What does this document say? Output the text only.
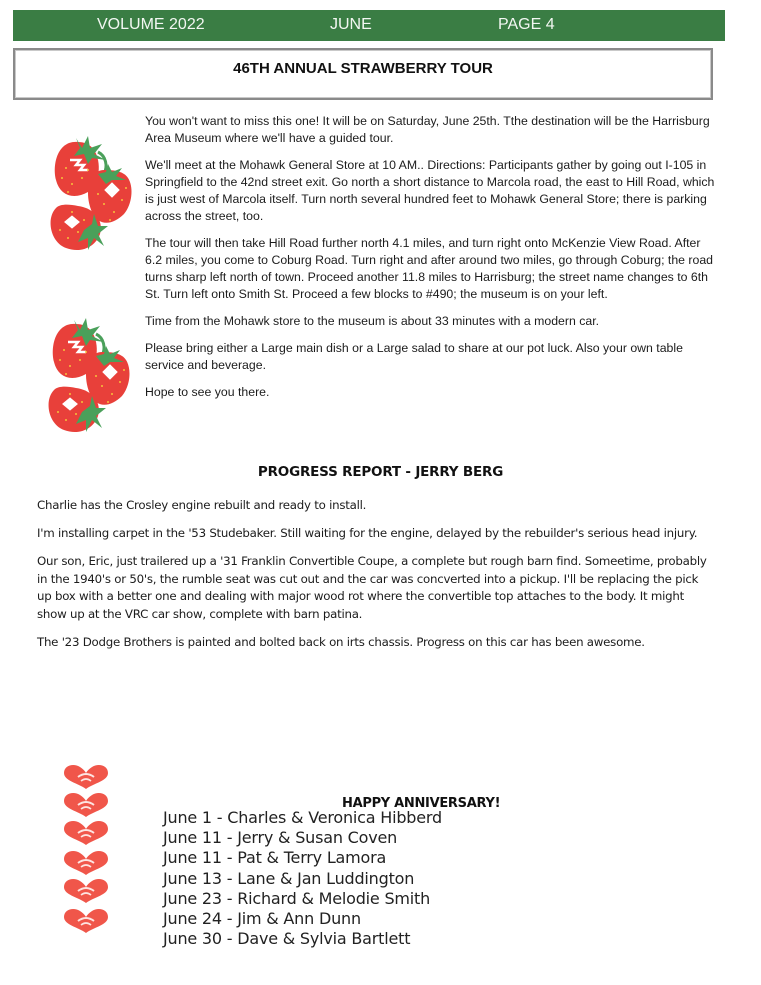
VOLUME 2022	JUNE	PAGE 4
46TH ANNUAL STRAWBERRY TOUR

You won't want to miss this one! It will be on Saturday, June 25th. Tthe destination will be the Harrisburg Area Museum where we'll have a guided tour.

We'll meet at the Mohawk General Store at 10 AM.. Directions: Participants gather by going out I-105 in Springfield to the 42nd street exit. Go north a short distance to Marcola road, the east to Hill Road, which is just west of Marcola itself. Turn north several hundred feet to Mohawk General Store; there is parking across the street, too.

The tour will then take Hill Road further north 4.1 miles, and turn right onto McKenzie View Road. After 6.2 miles, you come to Coburg Road. Turn right and after around two miles, go through Coburg; the road turns sharp left north of town. Proceed another 11.8 miles to Harrisburg; the street name changes to 6th St. Turn left onto Smith St. Proceed a few blocks to #490; the museum is on your left.

Time from the Mohawk store to the museum is about 33 minutes with a modern car.

Please bring either a Large main dish or a Large salad to share at our pot luck. Also your own table service and beverage.

Hope to see you there.

PROGRESS REPORT - JERRY BERG

Charlie has the Crosley engine rebuilt and ready to install.

I'm installing carpet in the '53 Studebaker. Still waiting for the engine, delayed by the rebuilder's serious head injury.

Our son, Eric, just trailered up a '31 Franklin Convertible Coupe, a complete but rough barn find. Someetime, probably in the 1940's or 50's, the rumble seat was cut out and the car was concverted into a pickup. I'll be replacing the pick up box with a better one and dealing with major wood rot where the convertible top attaches to the body. It might show up at the VRC car show, complete with barn patina.

The '23 Dodge Brothers is painted and bolted back on irts chassis. Progress on this car has been awesome.

HAPPY ANNIVERSARY!
June 1 - Charles & Veronica Hibberd
June 11 - Jerry & Susan Coven
June 11 - Pat & Terry Lamora
June 13 - Lane & Jan Luddington
June 23 - Richard & Melodie Smith
June 24 - Jim & Ann Dunn
June 30 - Dave & Sylvia Bartlett
